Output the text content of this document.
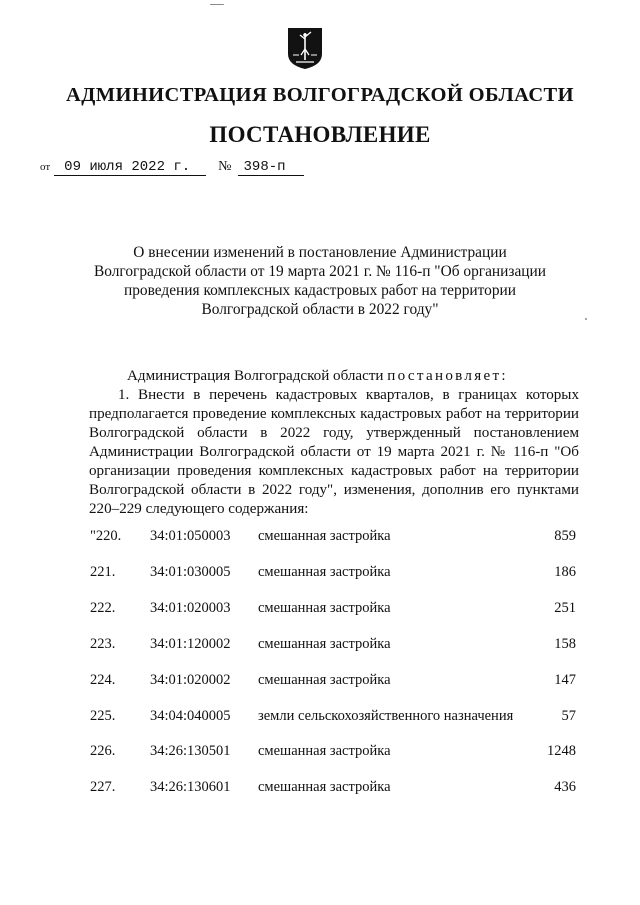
АДМИНИСТРАЦИЯ ВОЛГОГРАДСКОЙ ОБЛАСТИ
ПОСТАНОВЛЕНИЕ
от	09 июля 2022 г.	№ 398-п
О внесении изменений в постановление Администрации
Волгоградской области от 19 марта 2021 г. № 116-п "Об организации
проведения комплексных кадастровых работ на территории
Волгоградской области в 2022 году"

Администрация Волгоградской области постановляет:

1. Внести в перечень кадастровых кварталов, в границах которых предполагается проведение комплексных кадастровых работ на территории Волгоградской области в 2022 году, утвержденный постановлением Администрации Волгоградской области от 19 марта 2021 г. № 116-п "Об организации проведения комплексных кадастровых работ на территории Волгоградской области в 2022 году", изменения, дополнив его пунктами 220–229 следующего содержания:

"220. 34:01:050003 смешанная застройка	859
221. 34:01:030005 смешанная застройка	186
222. 34:01:020003 смешанная застройка	251
223. 34:01:120002 смешанная застройка	158
224. 34:01:020002 смешанная застройка	147
225. 34:04:040005 земли сельскохозяйственного назначения	57
226. 34:26:130501 смешанная застройка	1248
227. 34:26:130601 смешанная застройка	436
